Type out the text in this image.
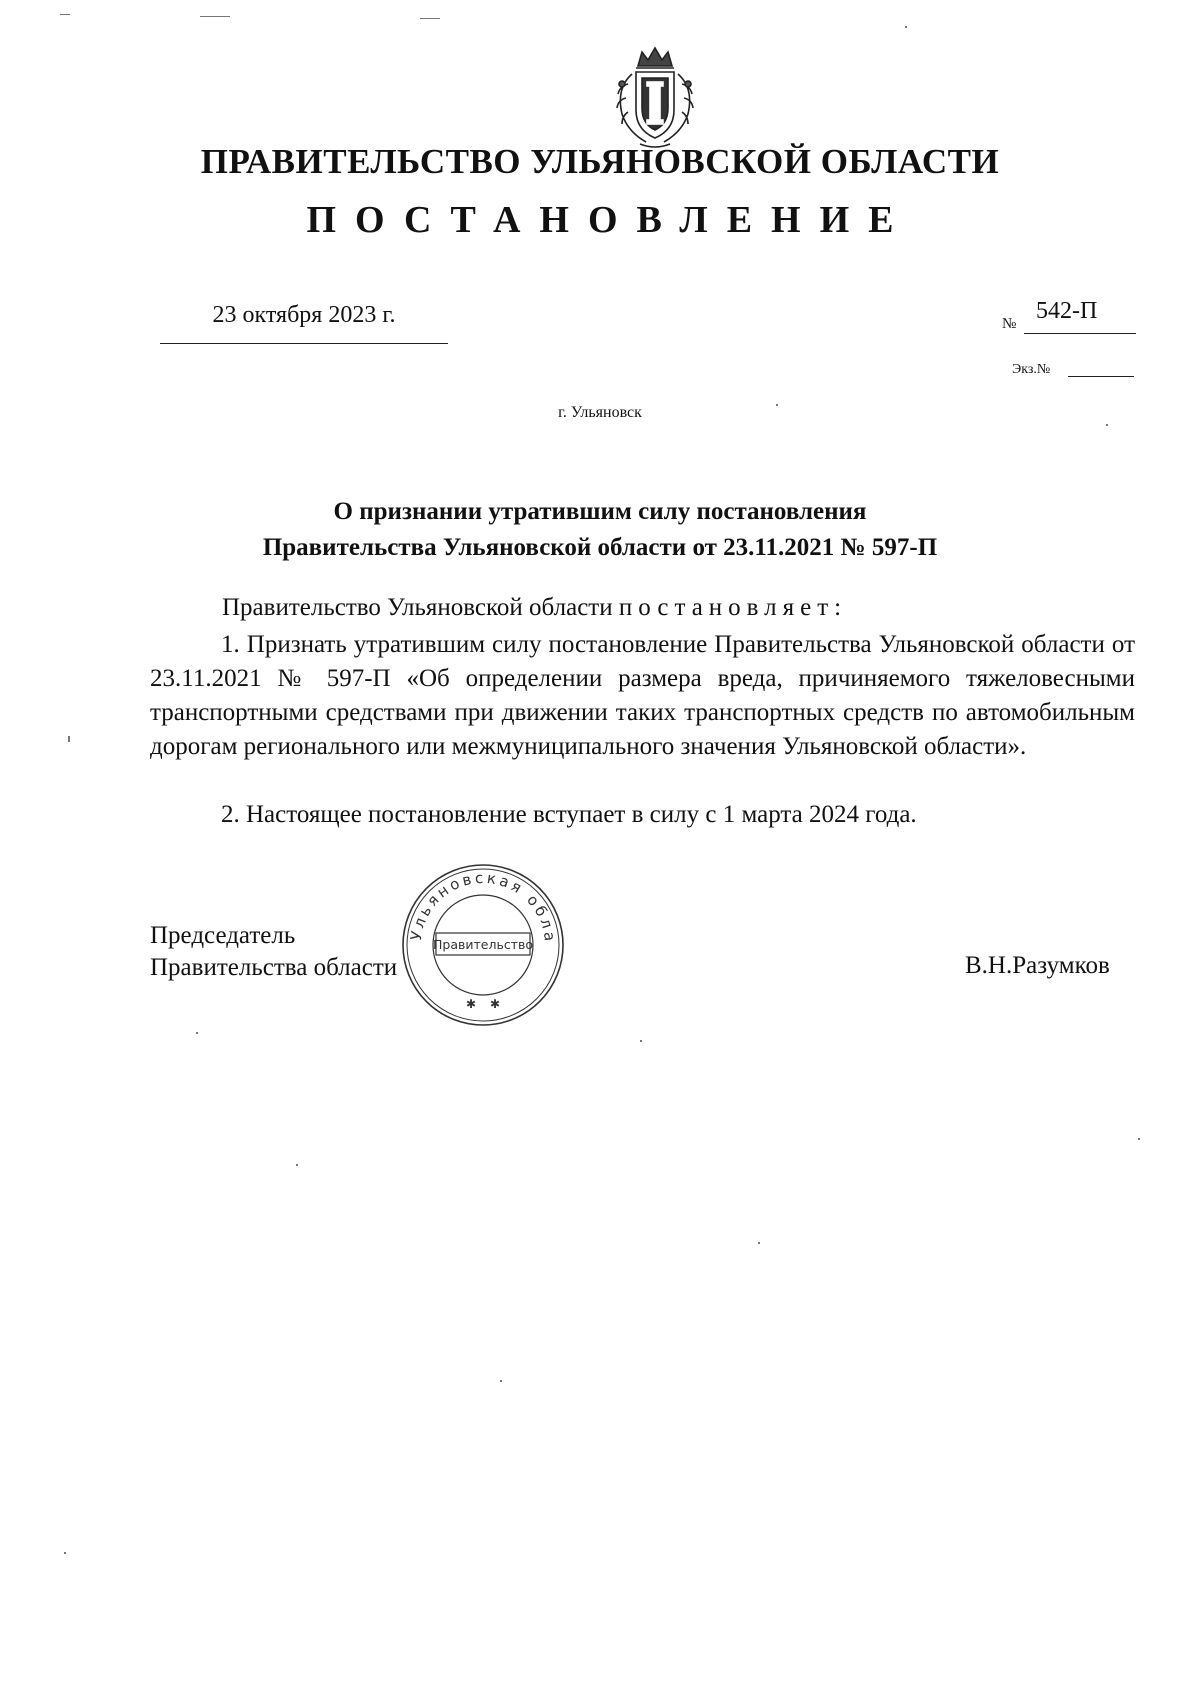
ПРАВИТЕЛЬСТВО УЛЬЯНОВСКОЙ ОБЛАСТИ
ПОСТАНОВЛЕНИЕ
23 октября 2023 г.	№ 542-П
Экз.№
г. Ульяновск
О признании утратившим силу постановления
Правительства Ульяновской области от 23.11.2021 № 597-П
Правительство Ульяновской области постановляет:

1. Признать утратившим силу постановление Правительства Ульяновской области от 23.11.2021 № 597-П «Об определении размера вреда, причиняемого тяжеловесными транспортными средствами при движении таких транспортных средств по автомобильным дорогам регионального или межмуниципального значения Ульяновской области».

2. Настоящее постановление вступает в силу с 1 марта 2024 года.

Председатель
Правительства области	В.Н.Разумков
Ульяновская обла
Правительство
✱ ✱
